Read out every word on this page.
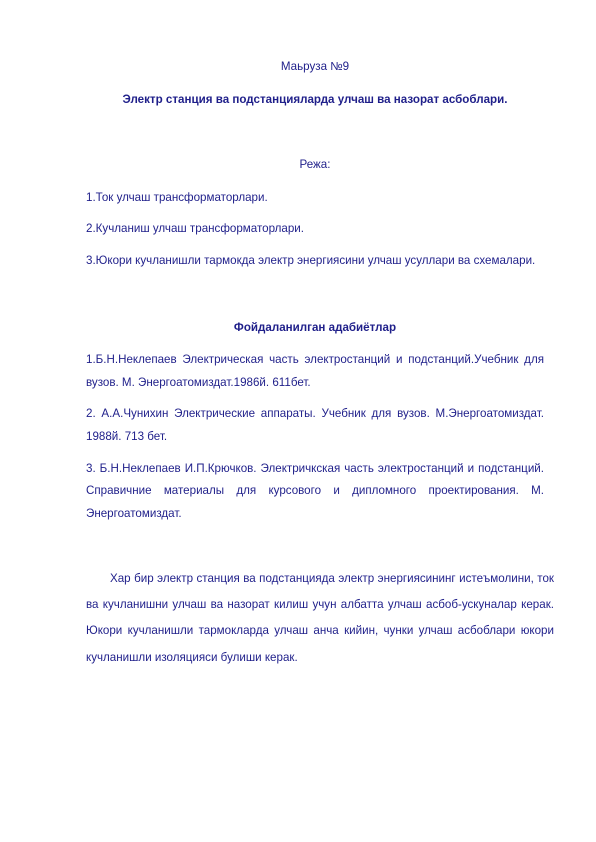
Маьруза №9

Электр станция ва подстанцияларда улчаш ва назорат асбоблари.

Режа:

1.Ток улчаш трансформаторлари.

2.Кучланиш улчаш трансформаторлари.

3.Юкори кучланишли тармокда электр энергиясини улчаш усуллари ва схемалари.

Фойдаланилган адабиётлар

1.Б.Н.Неклепаев Электрическая часть электростанций и подстанций.Учебник для вузов. М. Энергоатомиздат.1986й. 611бет.

2. А.А.Чунихин Электрические аппараты. Учебник для вузов. М.Энергоатомиздат. 1988й. 713 бет.

3. Б.Н.Неклепаев И.П.Крючков. Электричкская часть электростанций и подстанций. Справичние материалы для курсового и дипломного проектирования. М. Энергоатомиздат.

Хар бир электр станция ва подстанцияда электр энергиясининг истеъмолини, ток ва кучланишни улчаш ва назорат килиш учун албатта улчаш асбоб-ускуналар керак. Юкори кучланишли тармокларда улчаш анча кийин, чунки улчаш асбоблари юкори кучланишли изоляцияси булиши керак.
